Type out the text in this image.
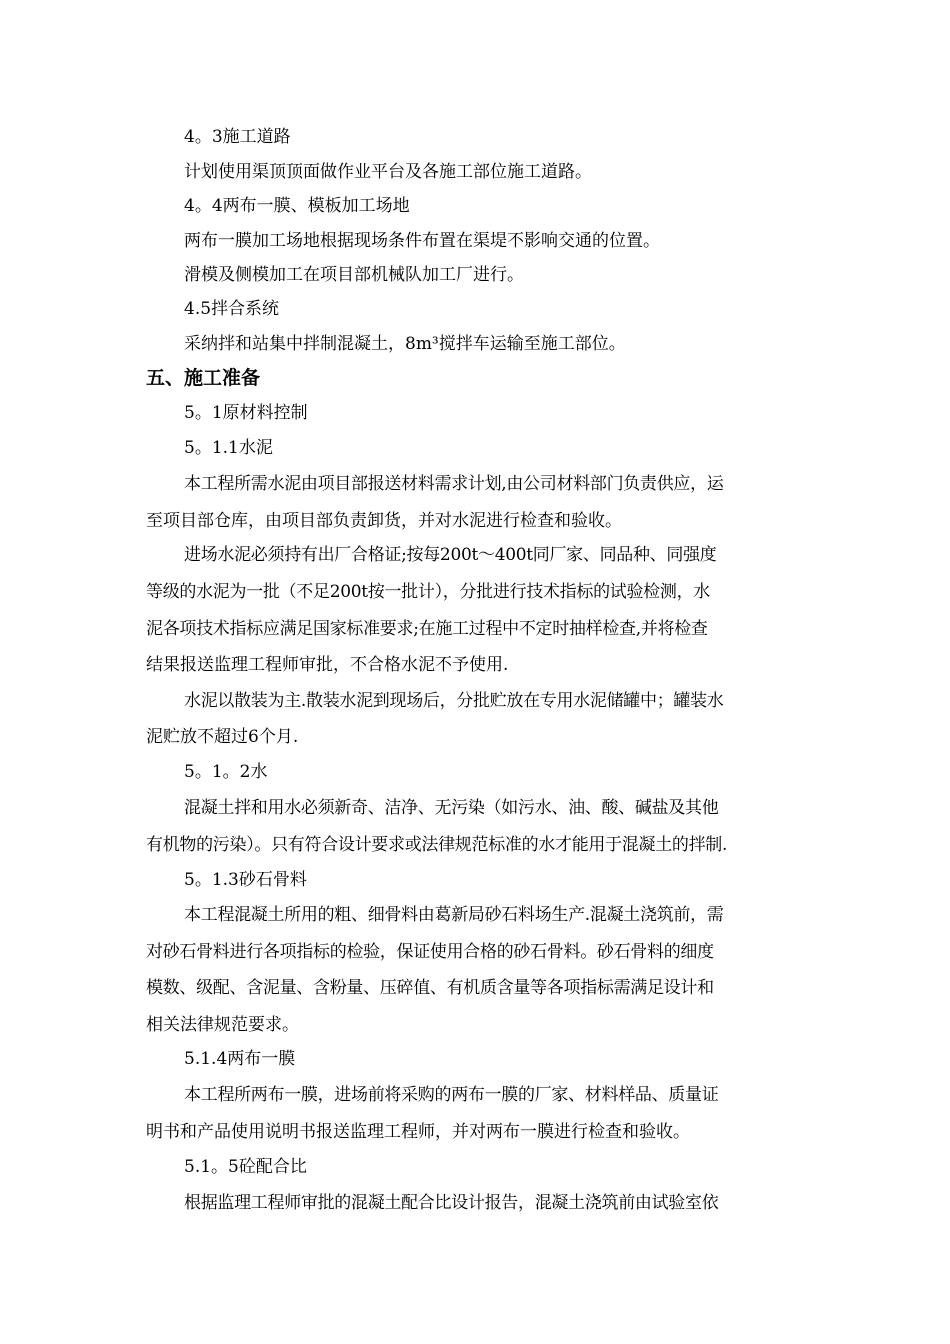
4。3施工道路
计划使用渠顶顶面做作业平台及各施工部位施工道路。
4。4两布一膜、模板加工场地
两布一膜加工场地根据现场条件布置在渠堤不影响交通的位置。
滑模及侧模加工在项目部机械队加工厂进行。
4.5拌合系统
采纳拌和站集中拌制混凝土，8m³搅拌车运输至施工部位。
五、施工准备
5。1原材料控制
5。1.1水泥
本工程所需水泥由项目部报送材料需求计划,由公司材料部门负责供应，运
至项目部仓库，由项目部负责卸货，并对水泥进行检查和验收。
进场水泥必须持有出厂合格证;按每200t～400t同厂家、同品种、同强度
等级的水泥为一批（不足200t按一批计），分批进行技术指标的试验检测，水
泥各项技术指标应满足国家标准要求;在施工过程中不定时抽样检查,并将检查
结果报送监理工程师审批，不合格水泥不予使用.
水泥以散装为主.散装水泥到现场后，分批贮放在专用水泥储罐中；罐装水
泥贮放不超过6个月.
5。1。2水
混凝土拌和用水必须新奇、洁净、无污染（如污水、油、酸、碱盐及其他
有机物的污染）。只有符合设计要求或法律规范标准的水才能用于混凝土的拌制.
5。1.3砂石骨料
本工程混凝土所用的粗、细骨料由葛新局砂石料场生产.混凝土浇筑前，需
对砂石骨料进行各项指标的检验，保证使用合格的砂石骨料。砂石骨料的细度
模数、级配、含泥量、含粉量、压碎值、有机质含量等各项指标需满足设计和
相关法律规范要求。
5.1.4两布一膜
本工程所两布一膜，进场前将采购的两布一膜的厂家、材料样品、质量证
明书和产品使用说明书报送监理工程师，并对两布一膜进行检查和验收。
5.1。5砼配合比
根据监理工程师审批的混凝土配合比设计报告，混凝土浇筑前由试验室依
